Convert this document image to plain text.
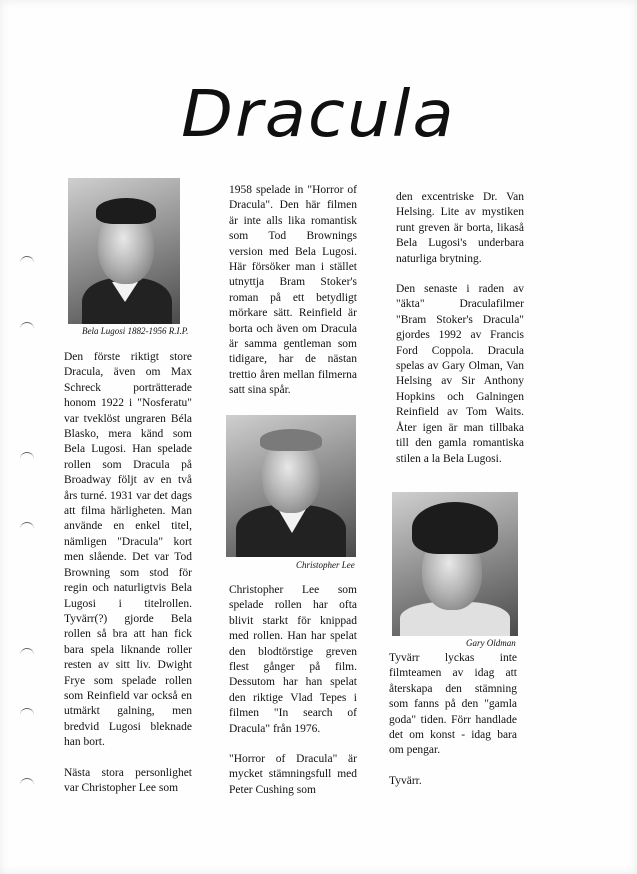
Dracula
Bela Lugosi 1882-1956 R.I.P.

Den förste riktigt store Dracula, även om Max Schreck porträtterade honom 1922 i "Nosferatu" var tveklöst ungraren Béla Blasko, mera känd som Bela Lugosi. Han spelade rollen som Dracula på Broadway följt av en två års turné. 1931 var det dags att filma härligheten. Man använde en enkel titel, nämligen "Dracula" kort men slående. Det var Tod Browning som stod för regin och naturligtvis Bela Lugosi i titelrollen. Tyvärr(?) gjorde Bela rollen så bra att han fick bara spela liknande roller resten av sitt liv. Dwight Frye som spelade rollen som Reinfield var också en utmärkt galning, men bredvid Lugosi bleknade han bort.

Nästa stora personlighet var Christopher Lee som

1958 spelade in "Horror of Dracula". Den här filmen är inte alls lika romantisk som Tod Brownings version med Bela Lugosi. Här försöker man i stället utnyttja Bram Stoker's roman på ett betydligt mörkare sätt. Reinfield är borta och även om Dracula är samma gentleman som tidigare, har de nästan trettio åren mellan filmerna satt sina spår.

Christopher Lee

Christopher Lee som spelade rollen har ofta blivit starkt för knippad med rollen. Han har spelat den blodtörstige greven flest gånger på film. Dessutom har han spelat den riktige Vlad Tepes i filmen "In search of Dracula" från 1976.

"Horror of Dracula" är mycket stämningsfull med Peter Cushing som

den excentriske Dr. Van Helsing. Lite av mystiken runt greven är borta, likaså Bela Lugosi's underbara naturliga brytning.

Den senaste i raden av "äkta" Draculafilmer "Bram Stoker's Dracula" gjordes 1992 av Francis Ford Coppola. Dracula spelas av Gary Olman, Van Helsing av Sir Anthony Hopkins och Galningen Reinfield av Tom Waits. Åter igen är man tillbaka till den gamla romantiska stilen a la Bela Lugosi.

Gary Oldman

Tyvärr lyckas inte filmteamen av idag att återskapa den stämning som fanns på den "gamla goda" tiden. Förr handlade det om konst - idag bara om pengar.

Tyvärr.
